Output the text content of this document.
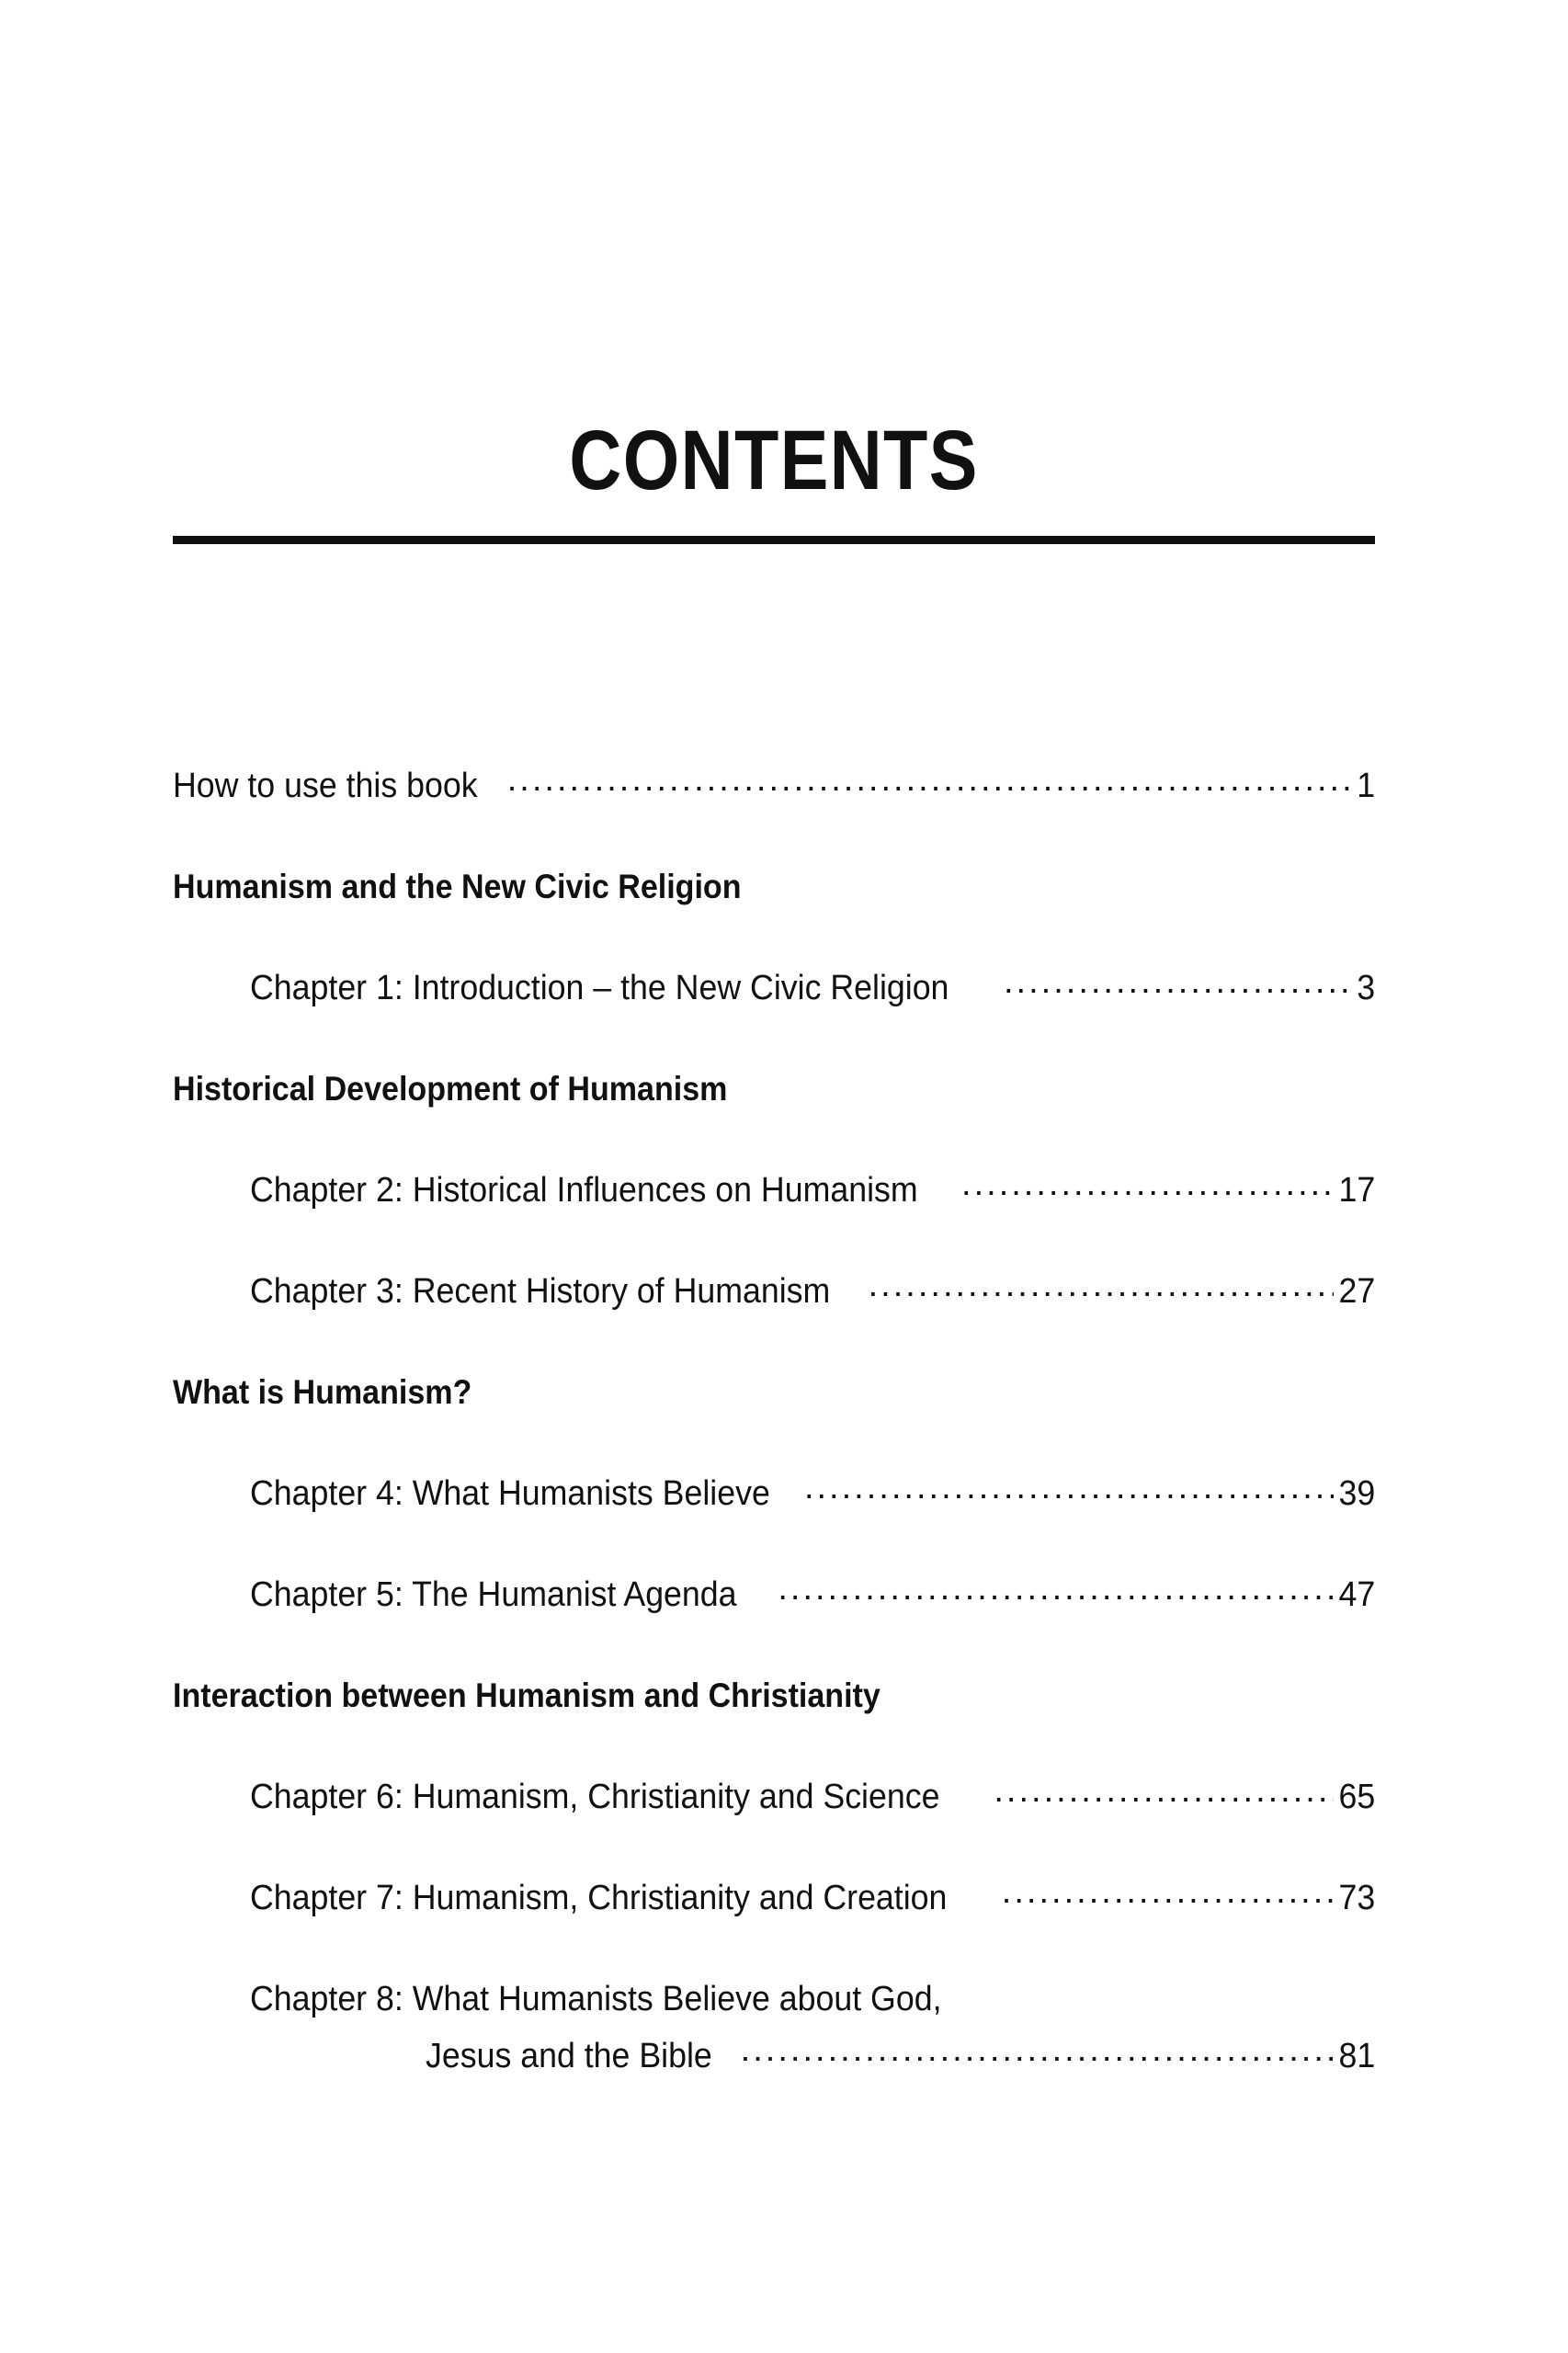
CONTENTS
How to use this book .....	1
Humanism and the New Civic Religion
Chapter 1: Introduction – the New Civic Religion .....	3
Historical Development of Humanism
Chapter 2: Historical Influences on Humanism .....	17
Chapter 3: Recent History of Humanism .....	27
What is Humanism?
Chapter 4: What Humanists Believe .....	39
Chapter 5: The Humanist Agenda .....	47
Interaction between Humanism and Christianity
Chapter 6: Humanism, Christianity and Science .....	65
Chapter 7: Humanism, Christianity and Creation .....	73
Chapter 8: What Humanists Believe about God,
Jesus and the Bible .....	81
